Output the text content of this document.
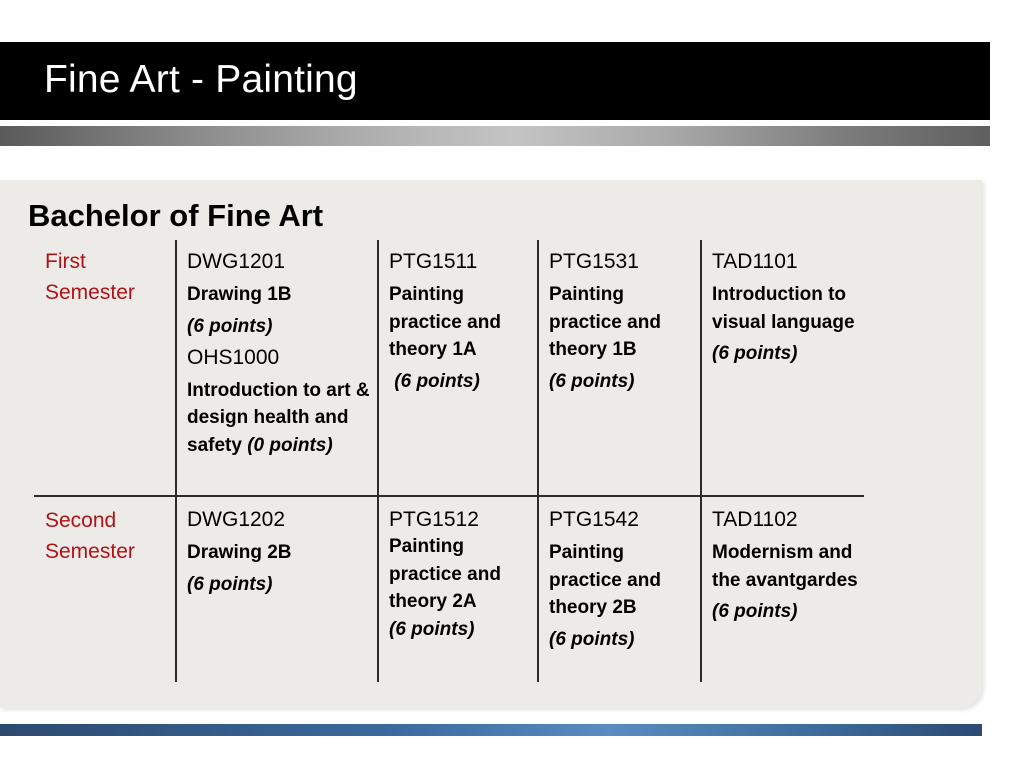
Fine Art - Painting
Bachelor of Fine Art
First
Semester
DWG1201
Drawing 1B
(6 points)
OHS1000
Introduction to art & design health and safety (0 points)
PTG1511
Painting practice and theory 1A
(6 points)
PTG1531
Painting practice and theory 1B
(6 points)
TAD1101
Introduction to visual language
(6 points)
Second
Semester
DWG1202
Drawing 2B
(6 points)
PTG1512
Painting practice and theory 2A
(6 points)
PTG1542
Painting practice and theory 2B
(6 points)
TAD1102
Modernism and the avantgardes
(6 points)
